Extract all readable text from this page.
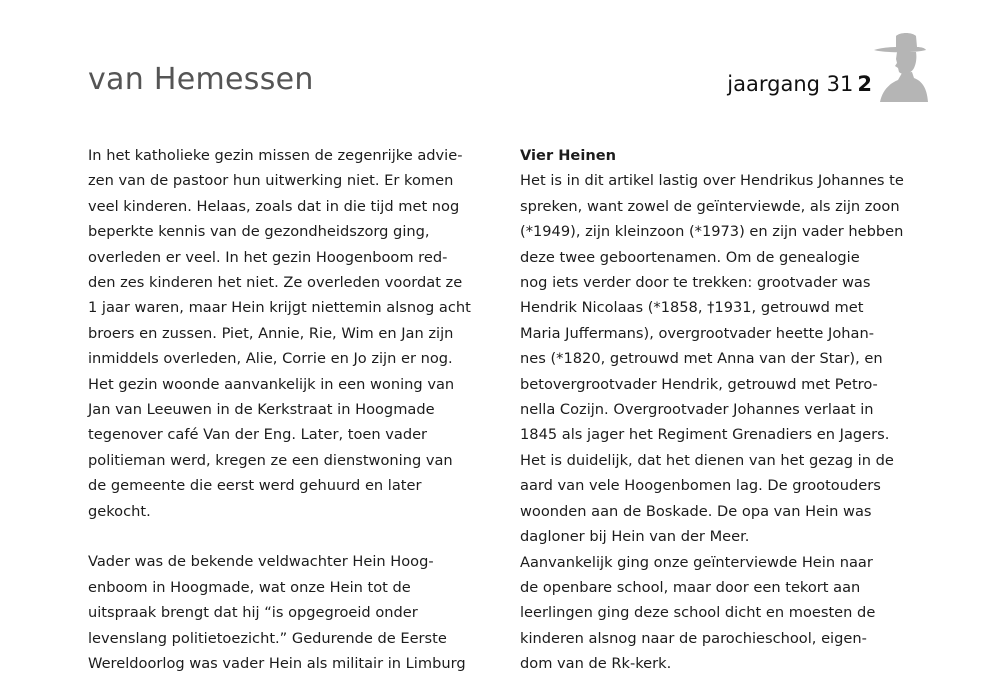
van Hemessen	jaargang 31 2
In het katholieke gezin missen de zegenrijke advie-
zen van de pastoor hun uitwerking niet. Er komen
veel kinderen. Helaas, zoals dat in die tijd met nog
beperkte kennis van de gezondheidszorg ging,
overleden er veel. In het gezin Hoogenboom red-
den zes kinderen het niet. Ze overleden voordat ze
1 jaar waren, maar Hein krijgt niettemin alsnog acht
broers en zussen. Piet, Annie, Rie, Wim en Jan zijn
inmiddels overleden, Alie, Corrie en Jo zijn er nog.
Het gezin woonde aanvankelijk in een woning van
Jan van Leeuwen in de Kerkstraat in Hoogmade
tegenover café Van der Eng. Later, toen vader
politieman werd, kregen ze een dienstwoning van
de gemeente die eerst werd gehuurd en later
gekocht.
Vader was de bekende veldwachter Hein Hoog-
enboom in Hoogmade, wat onze Hein tot de
uitspraak brengt dat hij “is opgegroeid onder
levenslang politietoezicht.” Gedurende de Eerste
Wereldoorlog was vader Hein als militair in Limburg
Vier Heinen
Het is in dit artikel lastig over Hendrikus Johannes te
spreken, want zowel de geïnterviewde, als zijn zoon
(*1949), zijn kleinzoon (*1973) en zijn vader hebben
deze twee geboortenamen. Om de genealogie
nog iets verder door te trekken: grootvader was
Hendrik Nicolaas (*1858, †1931, getrouwd met
Maria Juffermans), overgrootvader heette Johan-
nes (*1820, getrouwd met Anna van der Star), en
betovergrootvader Hendrik, getrouwd met Petro-
nella Cozijn. Overgrootvader Johannes verlaat in
1845 als jager het Regiment Grenadiers en Jagers.
Het is duidelijk, dat het dienen van het gezag in de
aard van vele Hoogenbomen lag. De grootouders
woonden aan de Boskade. De opa van Hein was
dagloner bij Hein van der Meer.
Aanvankelijk ging onze geïnterviewde Hein naar
de openbare school, maar door een tekort aan
leerlingen ging deze school dicht en moesten de
kinderen alsnog naar de parochieschool, eigen-
dom van de Rk-kerk.
